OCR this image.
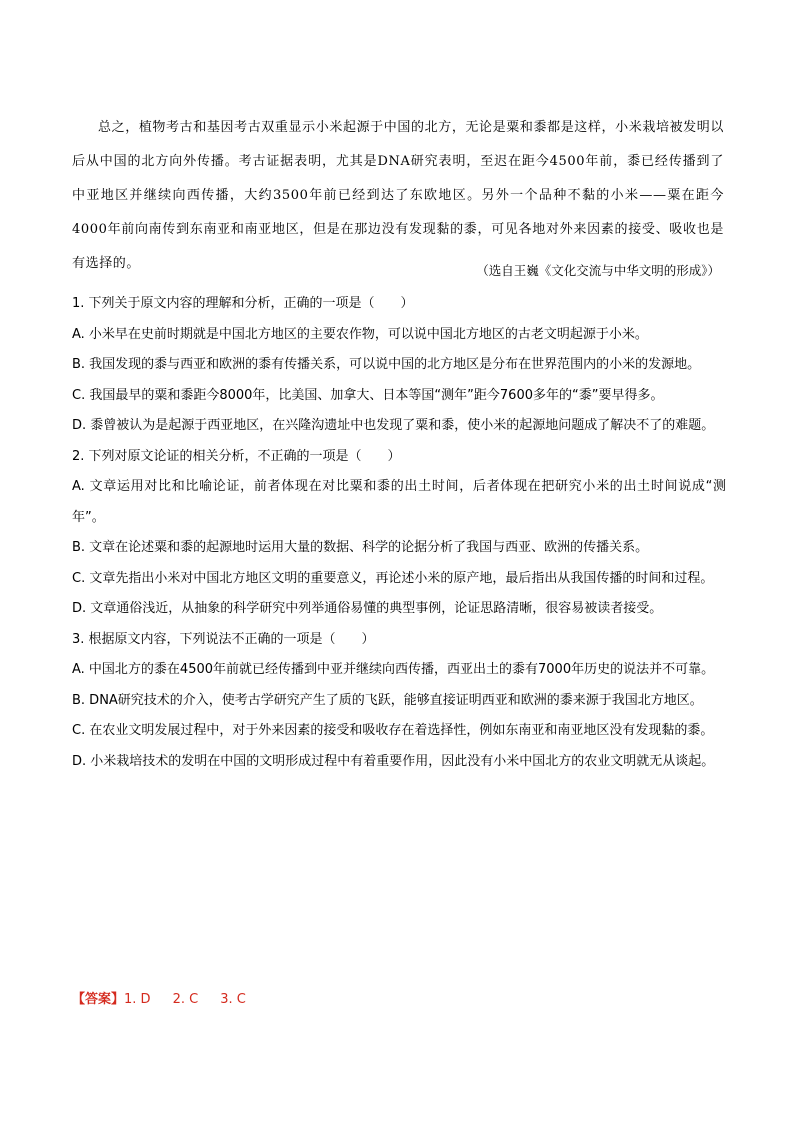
总之，植物考古和基因考古双重显示小米起源于中国的北方，无论是粟和黍都是这样，小米栽培被发明以后从中国的北方向外传播。考古证据表明，尤其是DNA研究表明，至迟在距今4500年前，黍已经传播到了中亚地区并继续向西传播，大约3500年前已经到达了东欧地区。另外一个品种不黏的小米——粟在距今4000年前向南传到东南亚和南亚地区，但是在那边没有发现黏的黍，可见各地对外来因素的接受、吸收也是有选择的。	（选自王巍《文化交流与中华文明的形成》）

1. 下列关于原文内容的理解和分析，正确的一项是（　　）

A. 小米早在史前时期就是中国北方地区的主要农作物，可以说中国北方地区的古老文明起源于小米。

B. 我国发现的黍与西亚和欧洲的黍有传播关系，可以说中国的北方地区是分布在世界范围内的小米的发源地。

C. 我国最早的粟和黍距今8000年，比美国、加拿大、日本等国“测年”距今7600多年的“黍”要早得多。

D. 黍曾被认为是起源于西亚地区，在兴隆沟遗址中也发现了粟和黍，使小米的起源地问题成了解决不了的难题。

2. 下列对原文论证的相关分析，不正确的一项是（　　）

A. 文章运用对比和比喻论证，前者体现在对比粟和黍的出土时间，后者体现在把研究小米的出土时间说成“测年”。

B. 文章在论述粟和黍的起源地时运用大量的数据、科学的论据分析了我国与西亚、欧洲的传播关系。

C. 文章先指出小米对中国北方地区文明的重要意义，再论述小米的原产地，最后指出从我国传播的时间和过程。

D. 文章通俗浅近，从抽象的科学研究中列举通俗易懂的典型事例，论证思路清晰，很容易被读者接受。

3. 根据原文内容，下列说法不正确的一项是（　　）

A. 中国北方的黍在4500年前就已经传播到中亚并继续向西传播，西亚出土的黍有7000年历史的说法并不可靠。

B. DNA研究技术的介入，使考古学研究产生了质的飞跃，能够直接证明西亚和欧洲的黍来源于我国北方地区。

C. 在农业文明发展过程中，对于外来因素的接受和吸收存在着选择性，例如东南亚和南亚地区没有发现黏的黍。

D. 小米栽培技术的发明在中国的文明形成过程中有着重要作用，因此没有小米中国北方的农业文明就无从谈起。

【答案】1. D 2. C 3. C
